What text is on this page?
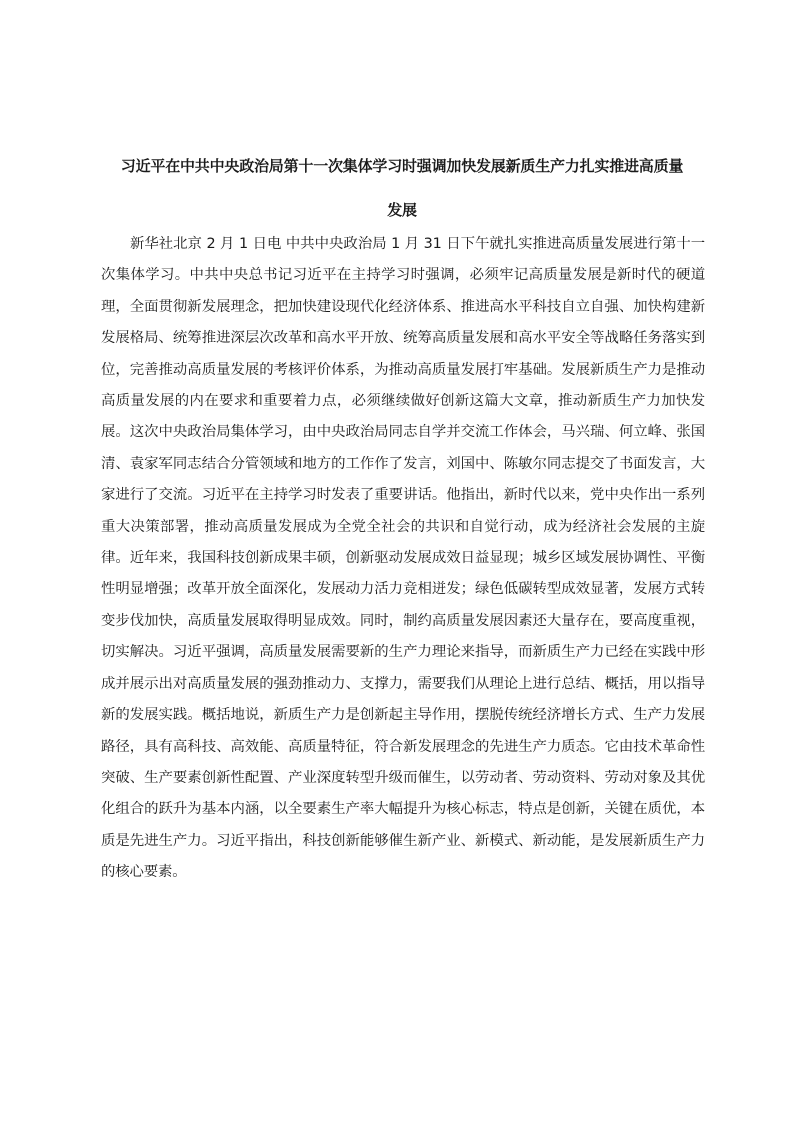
习近平在中共中央政治局第十一次集体学习时强调加快发展新质生产力扎实推进高质量发展

新华社北京 2 月 1 日电 中共中央政治局 1 月 31 日下午就扎实推进高质量发展进行第十一次集体学习。中共中央总书记习近平在主持学习时强调，必须牢记高质量发展是新时代的硬道理，全面贯彻新发展理念，把加快建设现代化经济体系、推进高水平科技自立自强、加快构建新发展格局、统筹推进深层次改革和高水平开放、统筹高质量发展和高水平安全等战略任务落实到位，完善推动高质量发展的考核评价体系，为推动高质量发展打牢基础。发展新质生产力是推动高质量发展的内在要求和重要着力点，必须继续做好创新这篇大文章，推动新质生产力加快发展。这次中央政治局集体学习，由中央政治局同志自学并交流工作体会，马兴瑞、何立峰、张国清、袁家军同志结合分管领域和地方的工作作了发言，刘国中、陈敏尔同志提交了书面发言，大家进行了交流。习近平在主持学习时发表了重要讲话。他指出，新时代以来，党中央作出一系列重大决策部署，推动高质量发展成为全党全社会的共识和自觉行动，成为经济社会发展的主旋律。近年来，我国科技创新成果丰硕，创新驱动发展成效日益显现；城乡区域发展协调性、平衡性明显增强；改革开放全面深化，发展动力活力竞相迸发；绿色低碳转型成效显著，发展方式转变步伐加快，高质量发展取得明显成效。同时，制约高质量发展因素还大量存在，要高度重视，切实解决。习近平强调，高质量发展需要新的生产力理论来指导，而新质生产力已经在实践中形成并展示出对高质量发展的强劲推动力、支撑力，需要我们从理论上进行总结、概括，用以指导新的发展实践。概括地说，新质生产力是创新起主导作用，摆脱传统经济增长方式、生产力发展路径，具有高科技、高效能、高质量特征，符合新发展理念的先进生产力质态。它由技术革命性突破、生产要素创新性配置、产业深度转型升级而催生，以劳动者、劳动资料、劳动对象及其优化组合的跃升为基本内涵，以全要素生产率大幅提升为核心标志，特点是创新，关键在质优，本质是先进生产力。习近平指出，科技创新能够催生新产业、新模式、新动能，是发展新质生产力的核心要素。
